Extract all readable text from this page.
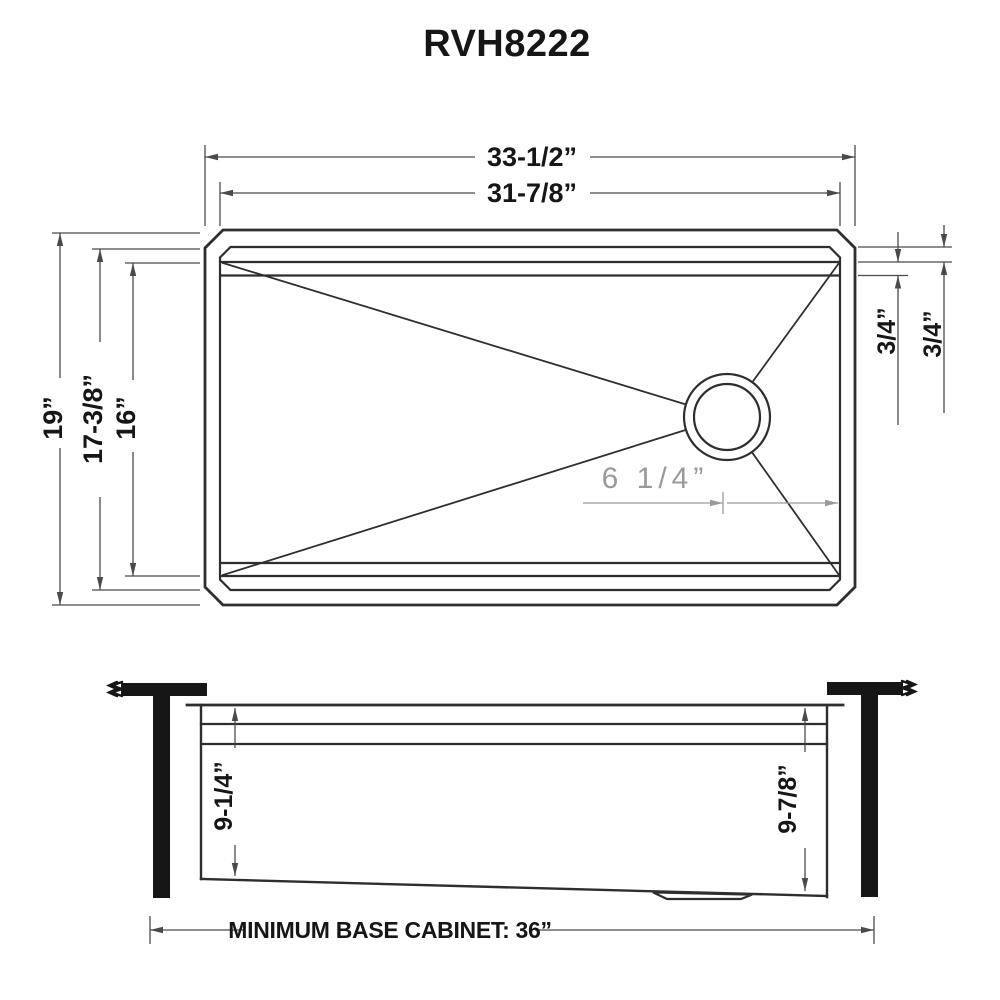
RVH8222
33-1/2”
31-7/8”
19” 17-3/8” 16”
3/4” 3/4”
6 1/4”
9-1/4”	9-7/8”
MINIMUM BASE CABINET: 36”
